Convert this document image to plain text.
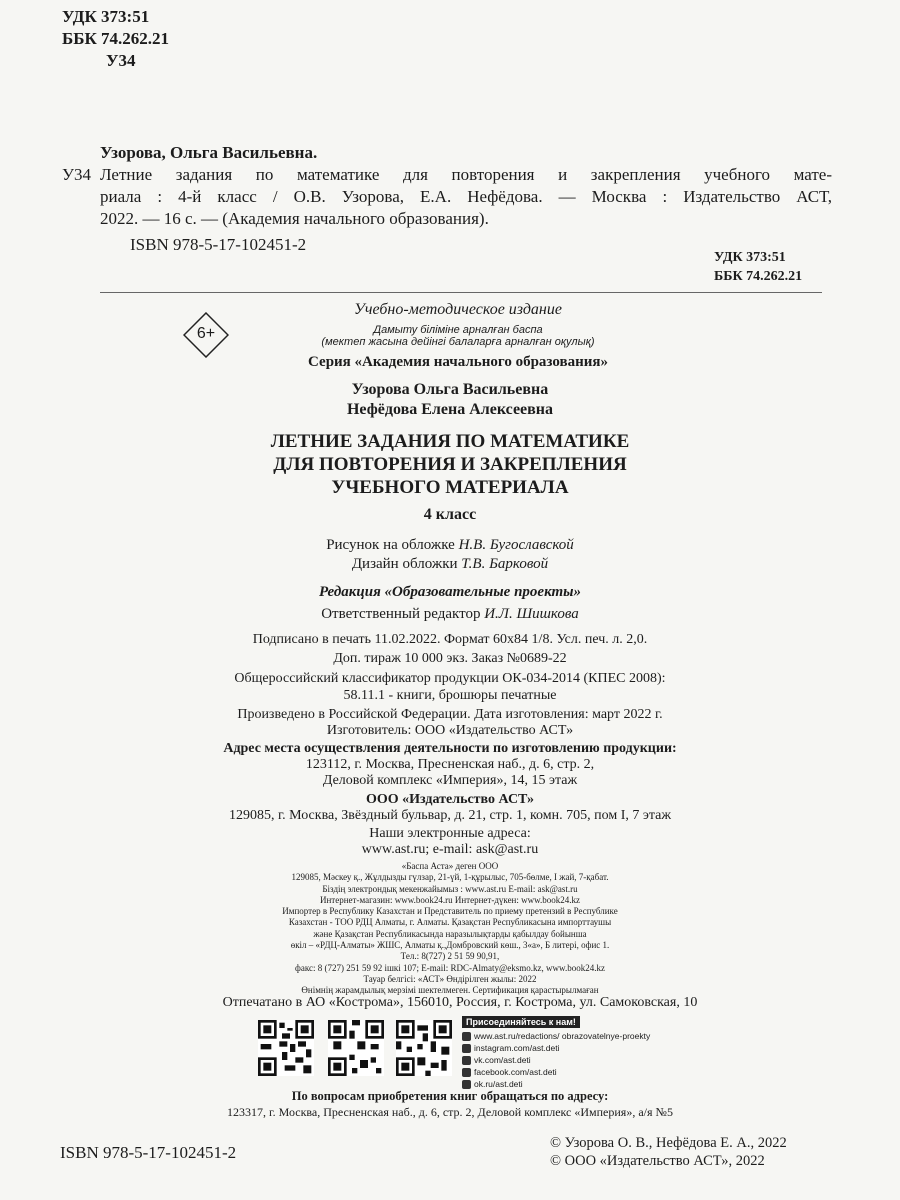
УДК 373:51
ББК 74.262.21
У34
Узорова, Ольга Васильевна.
У34 Летние задания по математике для повторения и закрепления учебного мате-
риала : 4-й класс / О.В. Узорова, Е.А. Нефёдова. — Москва : Издательство АСТ,
2022. — 16 с. — (Академия начального образования).
ISBN 978-5-17-102451-2
УДК 373:51
ББК 74.262.21
6+
Учебно-методическое издание
Дамыту біліміне арналған баспа
(мектеп жасына дейінгі балаларға арналған оқулық)
Серия «Академия начального образования»
Узорова Ольга Васильевна
Нефёдова Елена Алексеевна
ЛЕТНИЕ ЗАДАНИЯ ПО МАТЕМАТИКЕ
ДЛЯ ПОВТОРЕНИЯ И ЗАКРЕПЛЕНИЯ
УЧЕБНОГО МАТЕРИАЛА
4 класс
Рисунок на обложке Н.В. Бугославской
Дизайн обложки Т.В. Барковой
Редакция «Образовательные проекты»
Ответственный редактор И.Л. Шишкова
Подписано в печать 11.02.2022. Формат 60x84 1/8. Усл. печ. л. 2,0.
Доп. тираж 10 000 экз. Заказ №0689-22
Общероссийский классификатор продукции ОК-034-2014 (КПЕС 2008):
58.11.1 - книги, брошюры печатные
Произведено в Российской Федерации. Дата изготовления: март 2022 г.
Изготовитель: ООО «Издательство АСТ»
Адрес места осуществления деятельности по изготовлению продукции:
123112, г. Москва, Пресненская наб., д. 6, стр. 2,
Деловой комплекс «Империя», 14, 15 этаж
ООО «Издательство АСТ»
129085, г. Москва, Звёздный бульвар, д. 21, стр. 1, комн. 705, пом I, 7 этаж
Наши электронные адреса:
www.ast.ru; e-mail: ask@ast.ru
«Баспа Аста» деген ООО
129085, Мәскеу қ., Жұлдызды гүлзар, 21-үй, 1-құрылыс, 705-бөлме, I жай, 7-қабат.
Біздің электрондық мекенжайымыз : www.ast.ru E-mail: ask@ast.ru
Интернет-магазин: www.book24.ru Интернет-дүкен: www.book24.kz
Импортер в Республику Казахстан и Представитель по приему претензий в Республике
Казахстан - ТОО РДЦ Алматы, г. Алматы. Қазақстан Республикасына импорттаушы
және Қазақстан Республикасында наразылықтарды қабылдау бойынша
өкіл – «РДЦ-Алматы» ЖШС, Алматы қ.,Домбровский көш., 3«а», Б литері, офис 1.
Тел.: 8(727) 2 51 59 90,91,
факс: 8 (727) 251 59 92 ішкі 107; E-mail: RDC-Almaty@eksmo.kz, www.book24.kz
Тауар белгісі: «АСТ» Өндірілген жылы: 2022
Өнімнің жарамдылық мерзімі шектелмеген. Сертификация қарастырылмаған
Отпечатано в АО «Кострома», 156010, Россия, г. Кострома, ул. Самоковская, 10
Присоединяйтесь к нам!
www.ast.ru/redactions/ obrazovatelnye-proekty
instagram.com/ast.deti
vk.com/ast.deti
facebook.com/ast.deti
ok.ru/ast.deti
По вопросам приобретения книг обращаться по адресу:
123317, г. Москва, Пресненская наб., д. 6, стр. 2, Деловой комплекс «Империя», а/я №5
ISBN 978-5-17-102451-2	© Узорова О. В., Нефёдова Е. А., 2022
© ООО «Издательство АСТ», 2022
